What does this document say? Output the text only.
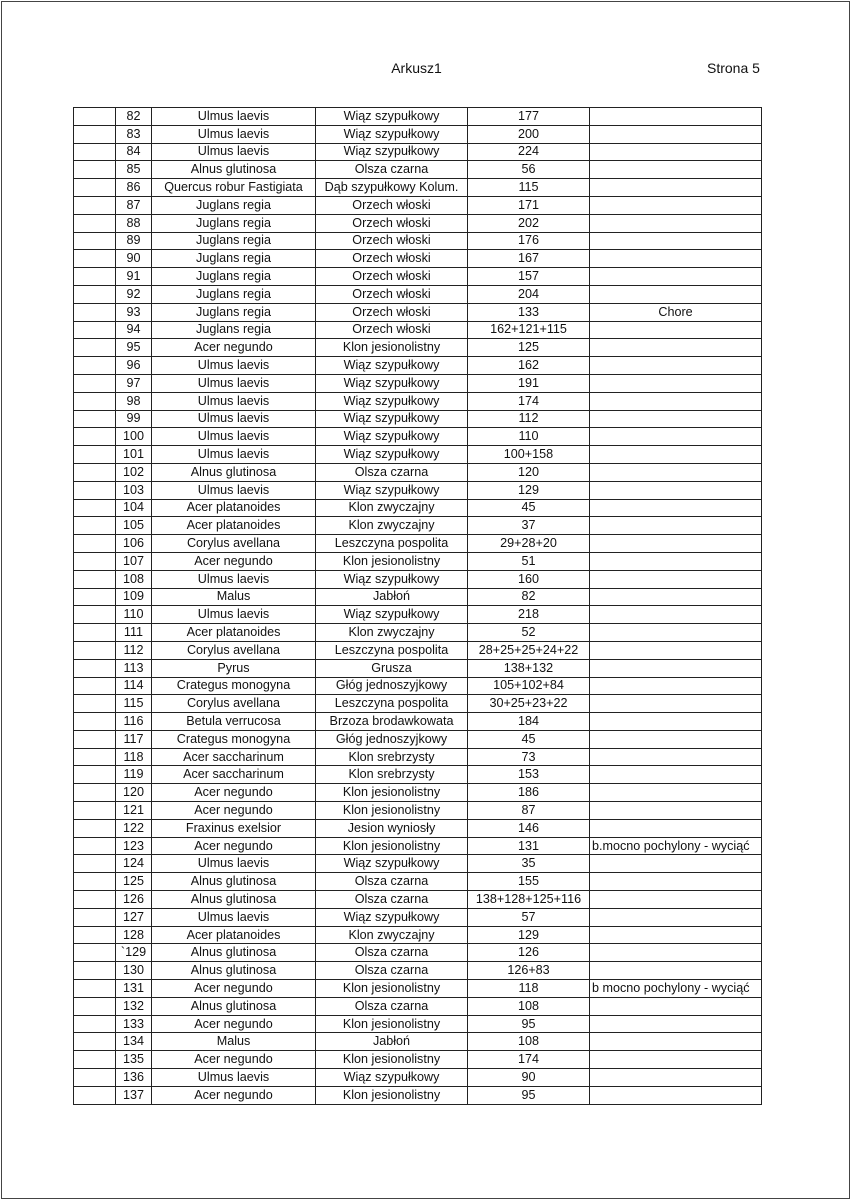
Arkusz1	Strona 5
	82	Ulmus laevis	Wiąz szypułkowy	177	
	83	Ulmus laevis	Wiąz szypułkowy	200	
	84	Ulmus laevis	Wiąz szypułkowy	224	
	85	Alnus glutinosa	Olsza czarna	56	
	86	Quercus robur Fastigiata	Dąb szypułkowy Kolum.	115	
	87	Juglans regia	Orzech włoski	171	
	88	Juglans regia	Orzech włoski	202	
	89	Juglans regia	Orzech włoski	176	
	90	Juglans regia	Orzech włoski	167	
	91	Juglans regia	Orzech włoski	157	
	92	Juglans regia	Orzech włoski	204	
	93	Juglans regia	Orzech włoski	133	Chore
	94	Juglans regia	Orzech włoski	162+121+115	
	95	Acer negundo	Klon jesionolistny	125	
	96	Ulmus laevis	Wiąz szypułkowy	162	
	97	Ulmus laevis	Wiąz szypułkowy	191	
	98	Ulmus laevis	Wiąz szypułkowy	174	
	99	Ulmus laevis	Wiąz szypułkowy	112	
	100	Ulmus laevis	Wiąz szypułkowy	110	
	101	Ulmus laevis	Wiąz szypułkowy	100+158	
	102	Alnus glutinosa	Olsza czarna	120	
	103	Ulmus laevis	Wiąz szypułkowy	129	
	104	Acer platanoides	Klon zwyczajny	45	
	105	Acer platanoides	Klon zwyczajny	37	
	106	Corylus avellana	Leszczyna pospolita	29+28+20	
	107	Acer negundo	Klon jesionolistny	51	
	108	Ulmus laevis	Wiąz szypułkowy	160	
	109	Malus	Jabłoń	82	
	110	Ulmus laevis	Wiąz szypułkowy	218	
	111	Acer platanoides	Klon zwyczajny	52	
	112	Corylus avellana	Leszczyna pospolita	28+25+25+24+22	
	113	Pyrus	Grusza	138+132	
	114	Crategus monogyna	Głóg jednoszyjkowy	105+102+84	
	115	Corylus avellana	Leszczyna pospolita	30+25+23+22	
	116	Betula verrucosa	Brzoza brodawkowata	184	
	117	Crategus monogyna	Głóg jednoszyjkowy	45	
	118	Acer saccharinum	Klon srebrzysty	73	
	119	Acer saccharinum	Klon srebrzysty	153	
	120	Acer negundo	Klon jesionolistny	186	
	121	Acer negundo	Klon jesionolistny	87	
	122	Fraxinus exelsior	Jesion wyniosły	146	
	123	Acer negundo	Klon jesionolistny	131	b.mocno pochylony - wyciąć
	124	Ulmus laevis	Wiąz szypułkowy	35	
	125	Alnus glutinosa	Olsza czarna	155	
	126	Alnus glutinosa	Olsza czarna	138+128+125+116	
	127	Ulmus laevis	Wiąz szypułkowy	57	
	128	Acer platanoides	Klon zwyczajny	129	
	`129	Alnus glutinosa	Olsza czarna	126	
	130	Alnus glutinosa	Olsza czarna	126+83	
	131	Acer negundo	Klon jesionolistny	118	b mocno pochylony - wyciąć
	132	Alnus glutinosa	Olsza czarna	108	
	133	Acer negundo	Klon jesionolistny	95	
	134	Malus	Jabłoń	108	
	135	Acer negundo	Klon jesionolistny	174	
	136	Ulmus laevis	Wiąz szypułkowy	90	
	137	Acer negundo	Klon jesionolistny	95	
